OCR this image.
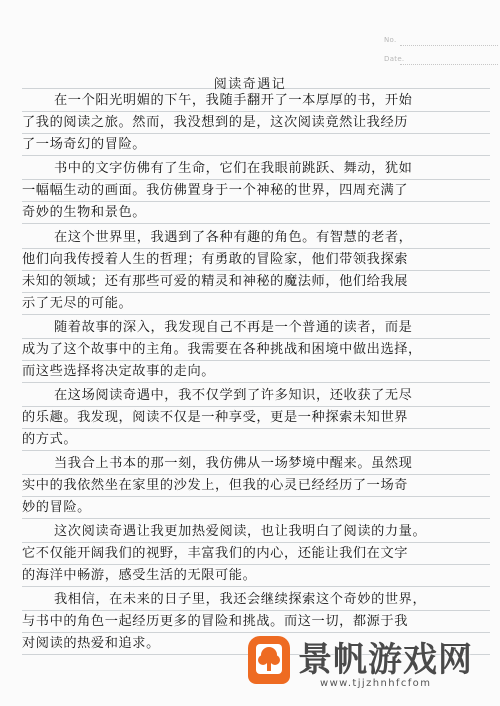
No.
Date.
阅读奇遇记
在一个阳光明媚的下午，我随手翻开了一本厚厚的书，开始
了我的阅读之旅。然而，我没想到的是，这次阅读竟然让我经历
了一场奇幻的冒险。
书中的文字仿佛有了生命，它们在我眼前跳跃、舞动，犹如
一幅幅生动的画面。我仿佛置身于一个神秘的世界，四周充满了
奇妙的生物和景色。
在这个世界里，我遇到了各种有趣的角色。有智慧的老者，
他们向我传授着人生的哲理；有勇敢的冒险家，他们带领我探索
未知的领域；还有那些可爱的精灵和神秘的魔法师，他们给我展
示了无尽的可能。
随着故事的深入，我发现自己不再是一个普通的读者，而是
成为了这个故事中的主角。我需要在各种挑战和困境中做出选择，
而这些选择将决定故事的走向。
在这场阅读奇遇中，我不仅学到了许多知识，还收获了无尽
的乐趣。我发现，阅读不仅是一种享受，更是一种探索未知世界
的方式。
当我合上书本的那一刻，我仿佛从一场梦境中醒来。虽然现
实中的我依然坐在家里的沙发上，但我的心灵已经经历了一场奇
妙的冒险。
这次阅读奇遇让我更加热爱阅读，也让我明白了阅读的力量。
它不仅能开阔我们的视野，丰富我们的内心，还能让我们在文字
的海洋中畅游，感受生活的无限可能。
我相信，在未来的日子里，我还会继续探索这个奇妙的世界，
与书中的角色一起经历更多的冒险和挑战。而这一切，都源于我
对阅读的热爱和追求。	景帆游戏网
www.tjjzhnhfcfom
